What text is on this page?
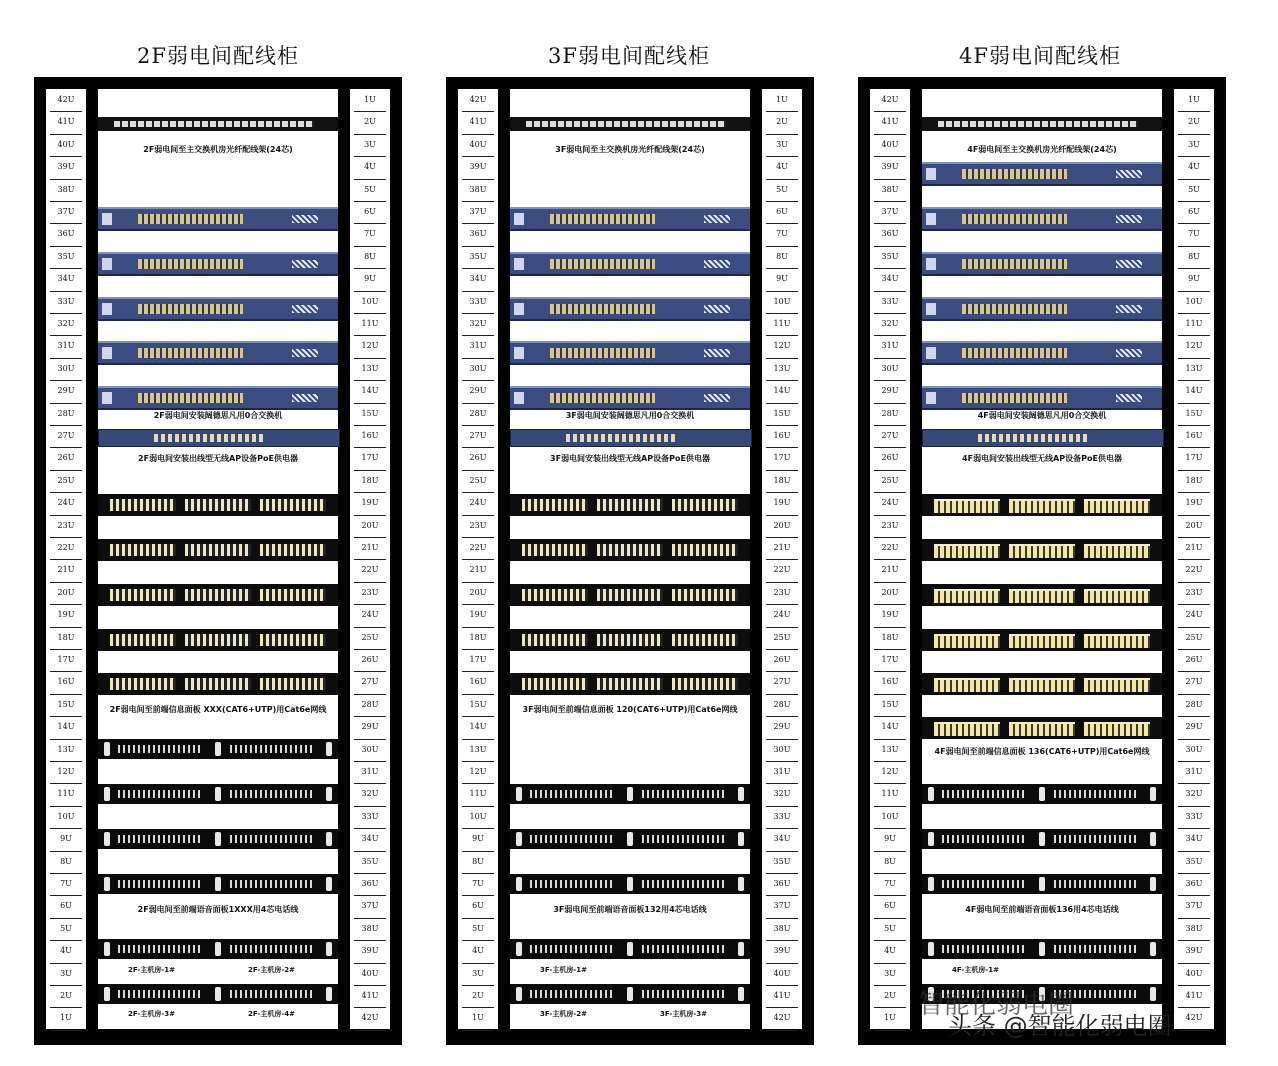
2F弱电间配线柜
42U
41U
40U
39U
38U
37U
36U
35U
34U
33U
32U
31U
30U
29U
28U
27U
26U
25U
24U
23U
22U
21U
20U
19U
18U
17U
16U
15U
14U
13U
12U
11U
10U
9U
8U
7U
6U
5U
4U
3U
2U
1U
1U
2U
3U
4U
5U
6U
7U
8U
9U
10U
11U
12U
13U
14U
15U
16U
17U
18U
19U
20U
21U
22U
23U
24U
25U
26U
27U
28U
29U
30U
31U
32U
33U
34U
35U
36U
37U
38U
39U
40U
41U
42U
2F弱电间至主交换机房光纤配线架(24芯)
2F弱电间安装阔德思凡用0合交换机
2F弱电间安装出线型无线AP设备PoE供电器
2F弱电间至前端信息面板 XXX(CAT6+UTP)用Cat6e网线
2F弱电间至前端语音面板1XXX用4芯电话线
2F-主机房-1#	2F-主机房-2#
2F-主机房-3#	2F-主机房-4#
3F弱电间配线柜
42U
41U
40U
39U
38U
37U
36U
35U
34U
33U
32U
31U
30U
29U
28U
27U
26U
25U
24U
23U
22U
21U
20U
19U
18U
17U
16U
15U
14U
13U
12U
11U
10U
9U
8U
7U
6U
5U
4U
3U
2U
1U
1U
2U
3U
4U
5U
6U
7U
8U
9U
10U
11U
12U
13U
14U
15U
16U
17U
18U
19U
20U
21U
22U
23U
24U
25U
26U
27U
28U
29U
30U
31U
32U
33U
34U
35U
36U
37U
38U
39U
40U
41U
42U
3F弱电间至主交换机房光纤配线架(24芯)
3F弱电间安装阔德思凡用0合交换机
3F弱电间安装出线型无线AP设备PoE供电器
3F弱电间至前端信息面板 120(CAT6+UTP)用Cat6e网线
3F弱电间至前端语音面板132用4芯电话线
3F-主机房-1#
3F-主机房-2#	3F-主机房-3#
4F弱电间配线柜
42U
41U
40U
39U
38U
37U
36U
35U
34U
33U
32U
31U
30U
29U
28U
27U
26U
25U
24U
23U
22U
21U
20U
19U
18U
17U
16U
15U
14U
13U
12U
11U
10U
9U
8U
7U
6U
5U
4U
3U
2U
1U
1U
2U
3U
4U
5U
6U
7U
8U
9U
10U
11U
12U
13U
14U
15U
16U
17U
18U
19U
20U
21U
22U
23U
24U
25U
26U
27U
28U
29U
30U
31U
32U
33U
34U
35U
36U
37U
38U
39U
40U
41U
42U
4F弱电间至主交换机房光纤配线架(24芯)
4F弱电间安装阔德思凡用0合交换机
4F弱电间安装出线型无线AP设备PoE供电器
4F弱电间至前端信息面板 136(CAT6+UTP)用Cat6e网线
4F弱电间至前端语音面板136用4芯电话线
4F-主机房-1#
智能化弱电圈
头条 @智能化弱电圈
